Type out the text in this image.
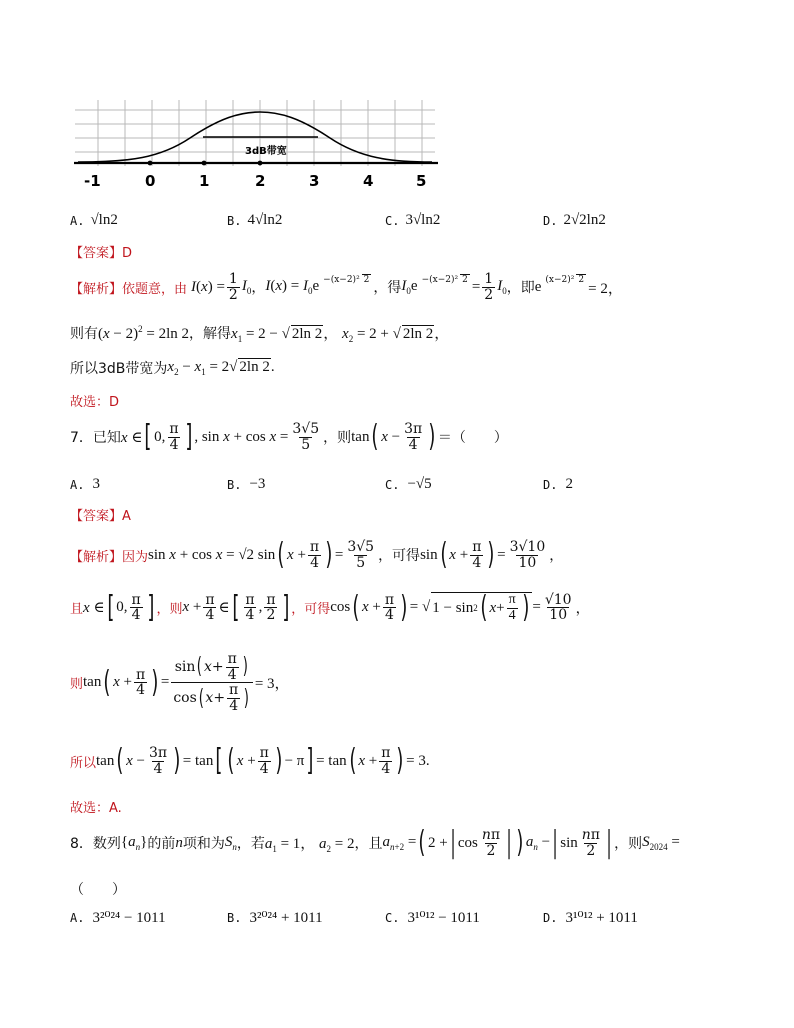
3dB带宽
-1	0	1	2	3	4	5
A. √ln2	B. 4√ln2	C. 3√ln2	D. 2√2ln2
【答案】D
【解析】 依题意，由 $I(x) = \frac{1}{2} I_0$ ， $I(x) = I_0e -(x-2)^2$ 2
，得 $I_0e -(x-2)^2$ $2 = \frac{1}{2} I_0$ ，即 e (x−2)² 2
= 2，
则有 $(x - 2)^2 = 2\ln$ 2 ，解得 $x_1 = 2$ − √ 2ln 2， $x_2 = 2$ + √ 2ln 2，
所以3dB带宽为 $x_2 - x_1 = 2√$ 2ln 2.
故选：D
7．已知 x ∈ [ 0, $\frac{\pi}{4}$ ] , $\sin x + \cos x = \frac{3√5}{5}$ ，则 tan ( $x - \frac{3\pi}{4}$ ) ＝（　　）
A. 3	B. −3	C. −√5	D. 2
【答案】A
【解析】 因为 sin x + cos x = √2 sin ( $x + \frac{\pi}{4}$ ) = $\frac{3√5}{5}$ ，可得 sin ( $x + \frac{\pi}{4}$ ) = $\frac{3√10}{10}$ ，
且 x ∈ [ 0, $\frac{\pi}{4}$ ] ，则 $x + \frac{\pi}{4}$ ∈ [ $\frac{\pi}{4}$ , $\frac{\pi}{2}$ ] ，可得 cos ( $x + \frac{\pi}{4}$ ) = √ 1 − sin 2 ( $x + \frac{\pi}{4}$ ) = $\frac{√10}{10}$ ，
则 tan ( $x + \frac{\pi}{4}$ ) = $\frac{\sin ( x + \frac{\pi}{4} )}{\cos ( x + \frac{\pi}{4} )} = 3$，
所以 tan ( $x - \frac{3\pi}{4}$ ) = tan [ ( $x + \frac{\pi}{4}$ ) − π ] = tan ( $x + \frac{\pi}{4}$ ) = 3.
故选：A.
8．数列 $\{a_n\}$ 的前 n 项和为 $S_n$ ，若 $a_1 = 1$， $a_2 = 2$ ，且 $a_{n+2}$ = ( 2 + | $\cos \frac{n\pi}{2}$ | ) $a_n$ − | $\sin \frac{n\pi}{2}$ | ，则 $S_{2024}$ =
（　　）
A. 3²⁰²⁴ − 1011	B. 3²⁰²⁴ + 1011	C. 3¹⁰¹² − 1011	D. 3¹⁰¹² + 1011
